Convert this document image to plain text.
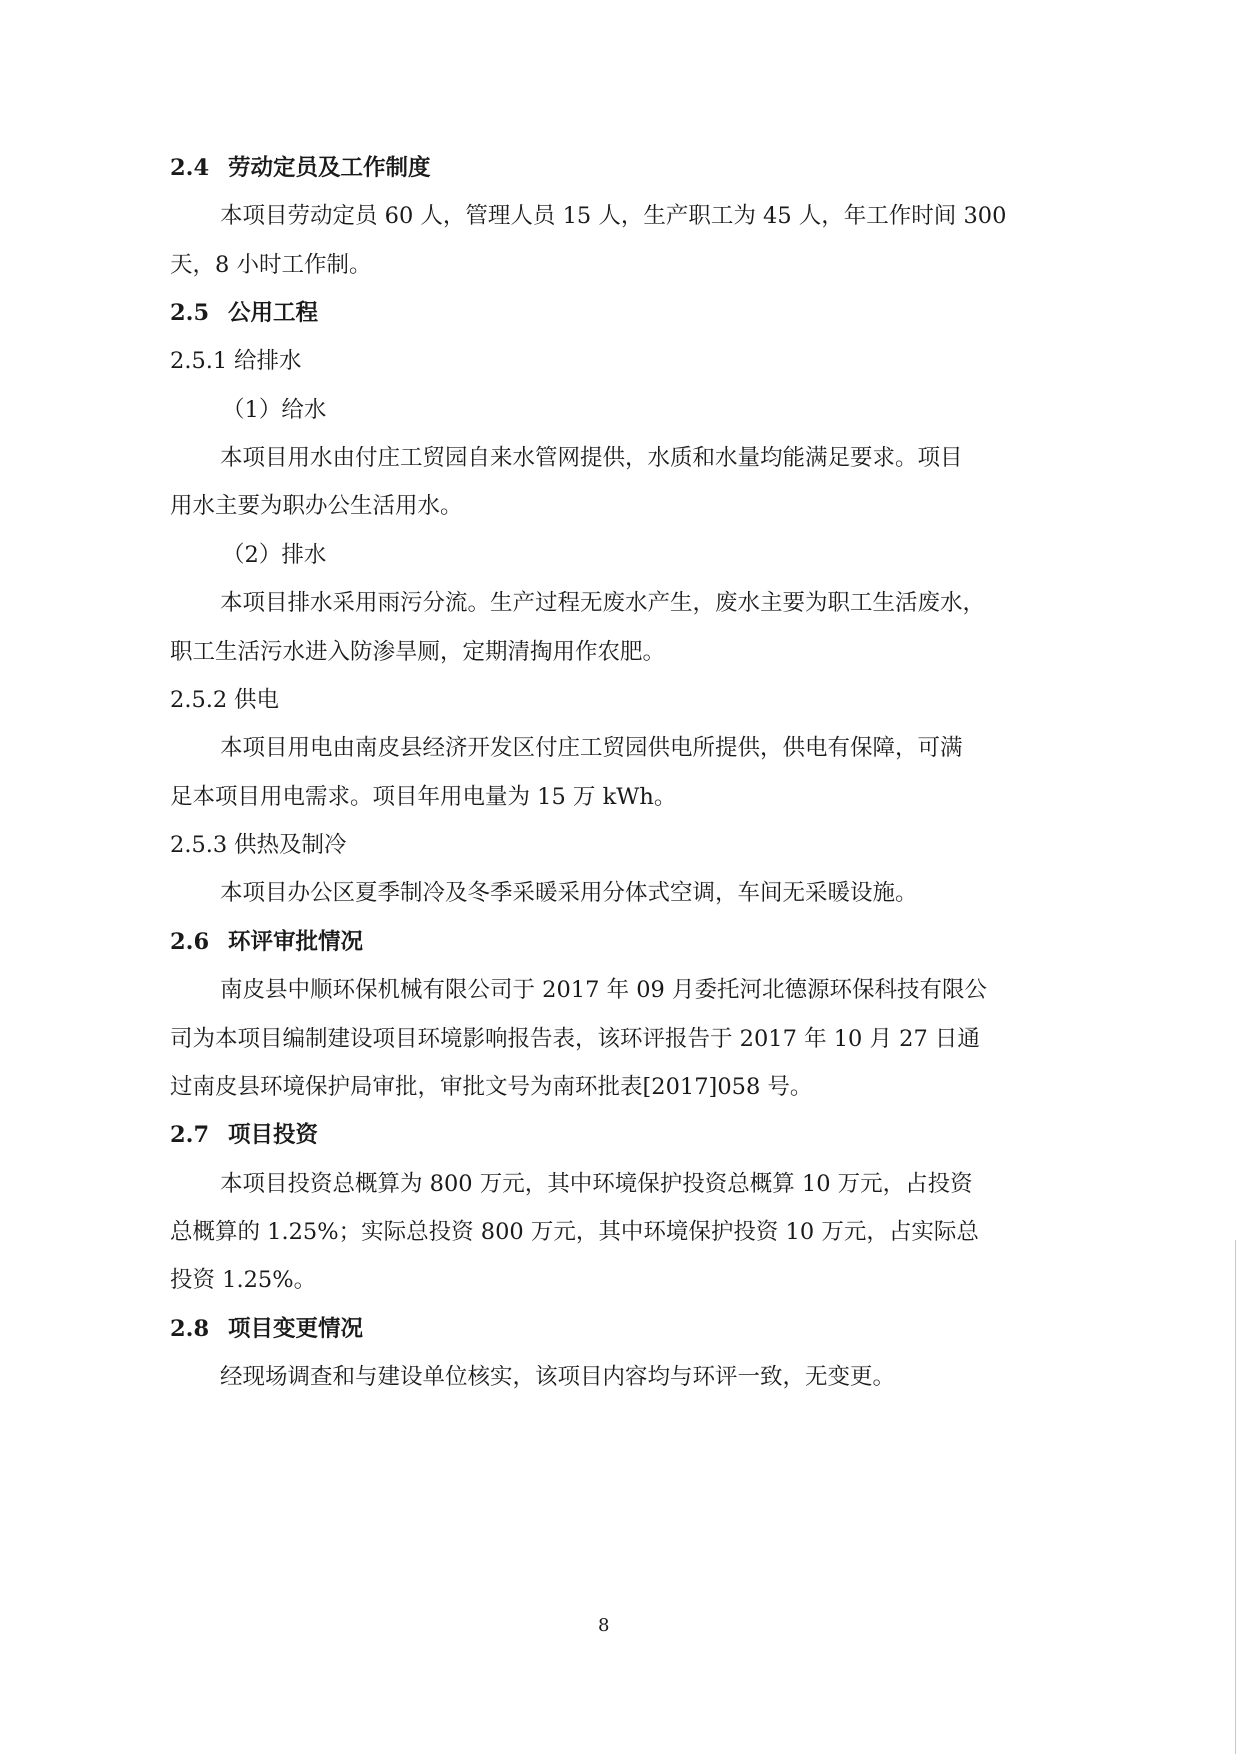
2.4 劳动定员及工作制度
本项目劳动定员 60 人，管理人员 15 人，生产职工为 45 人，年工作时间 300
天，8 小时工作制。
2.5 公用工程
2.5.1 给排水
（1）给水
本项目用水由付庄工贸园自来水管网提供，水质和水量均能满足要求。项目
用水主要为职办公生活用水。
（2）排水
本项目排水采用雨污分流。生产过程无废水产生，废水主要为职工生活废水，
职工生活污水进入防渗旱厕，定期清掏用作农肥。
2.5.2 供电
本项目用电由南皮县经济开发区付庄工贸园供电所提供，供电有保障，可满
足本项目用电需求。项目年用电量为 15 万 kWh。
2.5.3 供热及制冷
本项目办公区夏季制冷及冬季采暖采用分体式空调，车间无采暖设施。
2.6 环评审批情况
南皮县中顺环保机械有限公司于 2017 年 09 月委托河北德源环保科技有限公
司为本项目编制建设项目环境影响报告表，该环评报告于 2017 年 10 月 27 日通
过南皮县环境保护局审批，审批文号为南环批表[2017]058 号。
2.7 项目投资
本项目投资总概算为 800 万元，其中环境保护投资总概算 10 万元，占投资
总概算的 1.25%；实际总投资 800 万元，其中环境保护投资 10 万元，占实际总
投资 1.25%。
2.8 项目变更情况
经现场调查和与建设单位核实，该项目内容均与环评一致，无变更。
8
